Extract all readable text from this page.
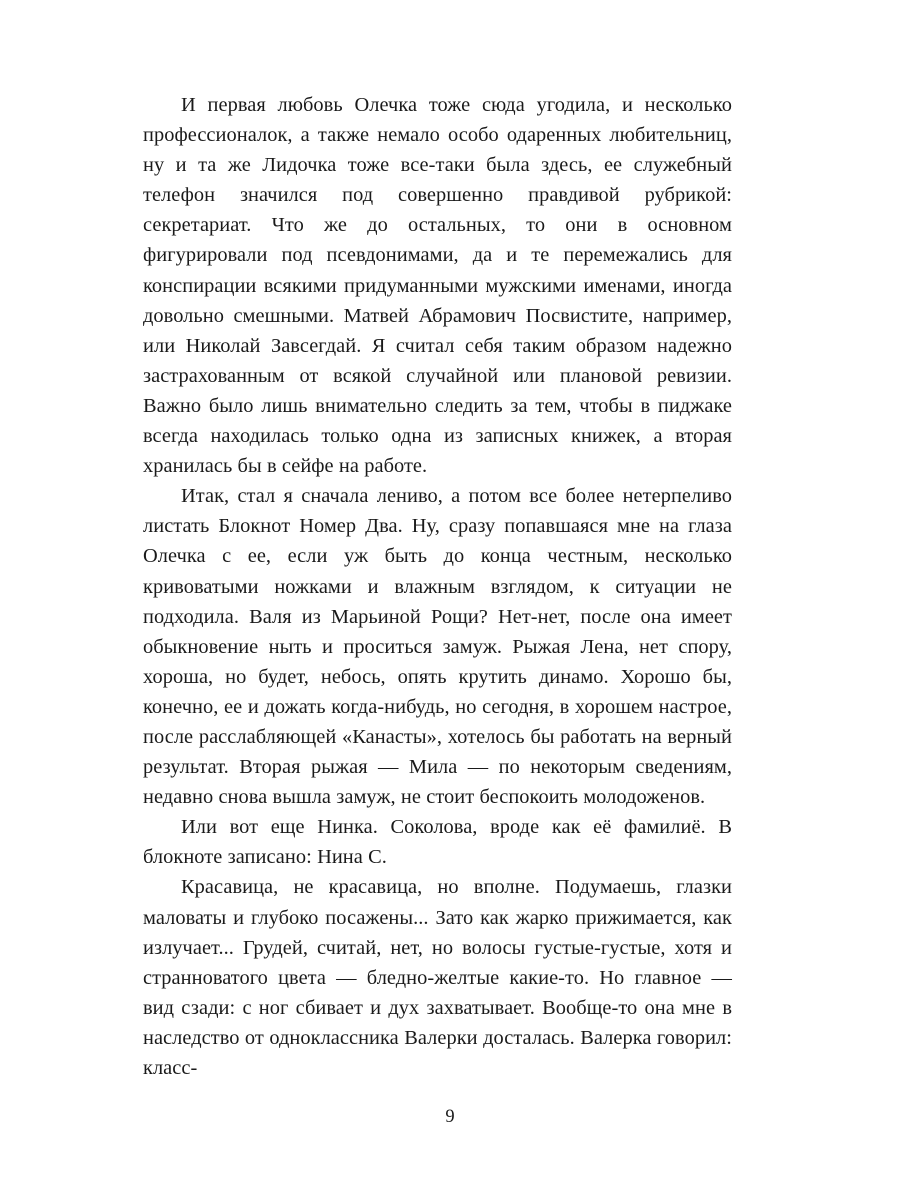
И первая любовь Олечка тоже сюда угодила, и несколько профессионалок, а также немало особо одаренных любительниц, ну и та же Лидочка тоже все-таки была здесь, ее служебный телефон значился под совершенно правдивой рубрикой: секретариат. Что же до остальных, то они в основном фигурировали под псевдонимами, да и те перемежались для конспирации всякими придуманными мужскими именами, иногда довольно смешными. Матвей Абрамович Посвистите, например, или Николай Завсегдай. Я считал себя таким образом надежно застрахованным от всякой случайной или плановой ревизии. Важно было лишь внимательно следить за тем, чтобы в пиджаке всегда находилась только одна из записных книжек, а вторая хранилась бы в сейфе на работе.

Итак, стал я сначала лениво, а потом все более нетерпеливо листать Блокнот Номер Два. Ну, сразу попавшаяся мне на глаза Олечка с ее, если уж быть до конца честным, несколько кривоватыми ножками и влажным взглядом, к ситуации не подходила. Валя из Марьиной Рощи? Нет-нет, после она имеет обыкновение ныть и проситься замуж. Рыжая Лена, нет спору, хороша, но будет, небось, опять крутить динамо. Хорошо бы, конечно, ее и дожать когда-нибудь, но сегодня, в хорошем настрое, после расслабляющей «Канасты», хотелось бы работать на верный результат. Вторая рыжая — Мила — по некоторым сведениям, недавно снова вышла замуж, не стоит беспокоить молодоженов.

Или вот еще Нинка. Соколова, вроде как её фамилиё. В блокноте записано: Нина С.

Красавица, не красавица, но вполне. Подумаешь, глазки маловаты и глубоко посажены... Зато как жарко прижимается, как излучает... Грудей, считай, нет, но волосы густые-густые, хотя и странноватого цвета — бледно-желтые какие-то. Но главное — вид сзади: с ног сбивает и дух захватывает. Вообще-то она мне в наследство от одноклассника Валерки досталась. Валерка говорил: класс-

9
